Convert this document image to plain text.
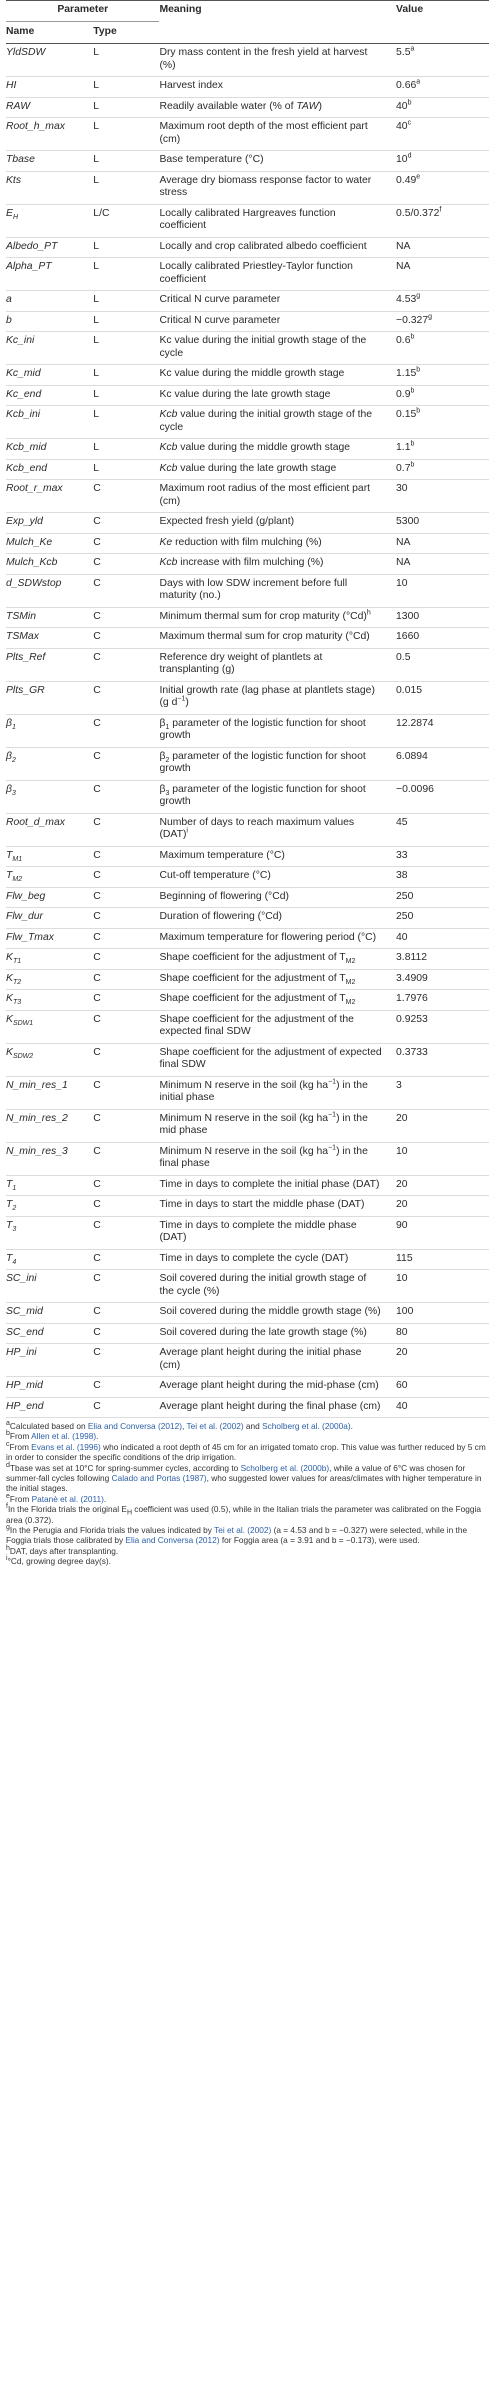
Parameter		Meaning	Value
Name	Type		
YldSDW	L	Dry mass content in the fresh yield at harvest (%)	5.5$^a$
HI	L	Harvest index	0.66$^a$
RAW	L	Readily available water (% of TAW)	40$^b$
Root_h_max	L	Maximum root depth of the most efficient part (cm)	40$^c$
Tbase	L	Base temperature (°C)	10$^d$
Kts	L	Average dry biomass response factor to water stress	0.49e
$E_H$	L/C	Locally calibrated Hargreaves function coefficient	0.5/0.372$^f$
Albedo_PT	L	Locally and crop calibrated albedo coefficient	NA
Alpha_PT	L	Locally calibrated Priestley-Taylor function coefficient	NA
a	L	Critical N curve parameter	4.53$^g$
b	L	Critical N curve parameter	−0.327$^g$
Kc_ini	L	Kc value during the initial growth stage of the cycle	0.6$^b$
Kc_mid	L	Kc value during the middle growth stage	1.15$^b$
Kc_end	L	Kc value during the late growth stage	0.9$^b$
Kcb_ini	L	Kcb value during the initial growth stage of the cycle	0.15$^b$
Kcb_mid	L	Kcb value during the middle growth stage	1.1$^b$
Kcb_end	L	Kcb value during the late growth stage	0.7$^b$
Root_r_max	C	Maximum root radius of the most efficient part (cm)	30
Exp_yld	C	Expected fresh yield (g/plant)	5300
Mulch_Ke	C	Ke reduction with film mulching (%)	NA
Mulch_Kcb	C	Kcb increase with film mulching (%)	NA
d_SDWstop	C	Days with low SDW increment before full maturity (no.)	10
TSMin	C	Minimum thermal sum for crop maturity $(^\circ Cd)^h$	1300
TSMax	C	Maximum thermal sum for crop maturity (°Cd)	1660
Plts_Ref	C	Reference dry weight of plantlets at transplanting (g)	0.5
Plts_GR	C	Initial growth rate (lag phase at plantlets stage) (g $d^{-1}$)	0.015
$\beta_1$	C	$\beta_1$ parameter of the logistic function for shoot growth	12.2874
$\beta_2$	C	$\beta_2$ parameter of the logistic function for shoot growth	6.0894
$\beta_3$	C	$\beta_3$ parameter of the logistic function for shoot growth	−0.0096
Root_d_max	C	Number of days to reach maximum values (DAT)$^i$	45
$T_{M1}$	C	Maximum temperature (°C)	33
$T_{M2}$	C	Cut-off temperature (°C)	38
Flw_beg	C	Beginning of flowering (°Cd)	250
Flw_dur	C	Duration of flowering (°Cd)	250
Flw_Tmax	C	Maximum temperature for flowering period (°C)	40
$K_{T1}$	C	Shape coefficient for the adjustment of $T_{M2}$	3.8112
$K_{T2}$	C	Shape coefficient for the adjustment of $T_{M2}$	3.4909
$K_{T3}$	C	Shape coefficient for the adjustment of $T_{M2}$	1.7976
$K_{SDW1}$	C	Shape coefficient for the adjustment of the expected final SDW	0.9253
$K_{SDW2}$	C	Shape coefficient for the adjustment of expected final SDW	0.3733
N_min_res_1	C	Minimum N reserve in the soil (kg $ha^{-1}$) in the initial phase	3
N_min_res_2	C	Minimum N reserve in the soil (kg $ha^{-1}$) in the mid phase	20
N_min_res_3	C	Minimum N reserve in the soil (kg $ha^{-1}$) in the final phase	10
$T_1$	C	Time in days to complete the initial phase (DAT)	20
$T_2$	C	Time in days to start the middle phase (DAT)	20
$T_3$	C	Time in days to complete the middle phase (DAT)	90
$T_4$	C	Time in days to complete the cycle (DAT)	115
SC_ini	C	Soil covered during the initial growth stage of the cycle (%)	10
SC_mid	C	Soil covered during the middle growth stage (%)	100
SC_end	C	Soil covered during the late growth stage (%)	80
HP_ini	C	Average plant height during the initial phase (cm)	20
HP_mid	C	Average plant height during the mid-phase (cm)	60
HP_end	C	Average plant height during the final phase (cm)	40

$^a$Calculated based on Elia and Conversa (2012), Tei et al. (2002) and Scholberg et al. (2000a).

$^b$From Allen et al. (1998).

$^c$From Evans et al. (1996) who indicated a root depth of 45 cm for an irrigated tomato crop. This value was further reduced by 5 cm in order to consider the specific conditions of the drip irrigation.

$^d$Tbase was set at 10°C for spring-summer cycles, according to Scholberg et al. (2000b), while a value of 6°C was chosen for summer-fall cycles following Calado and Portas (1987), who suggested lower values for areas/climates with higher temperature in the initial stages.

$^e$From Patanè et al. (2011).

$^f$In the Florida trials the original $E_H$ coefficient was used (0.5), while in the Italian trials the parameter was calibrated on the Foggia area (0.372).

$^g$In the Perugia and Florida trials the values indicated by Tei et al. (2002) (a = 4.53 and b = −0.327) were selected, while in the Foggia trials those calibrated by Elia and Conversa (2012) for Foggia area (a = 3.91 and b = −0.173), were used.

$^h$DAT, days after transplanting.

$^i$°Cd, growing degree day(s).
